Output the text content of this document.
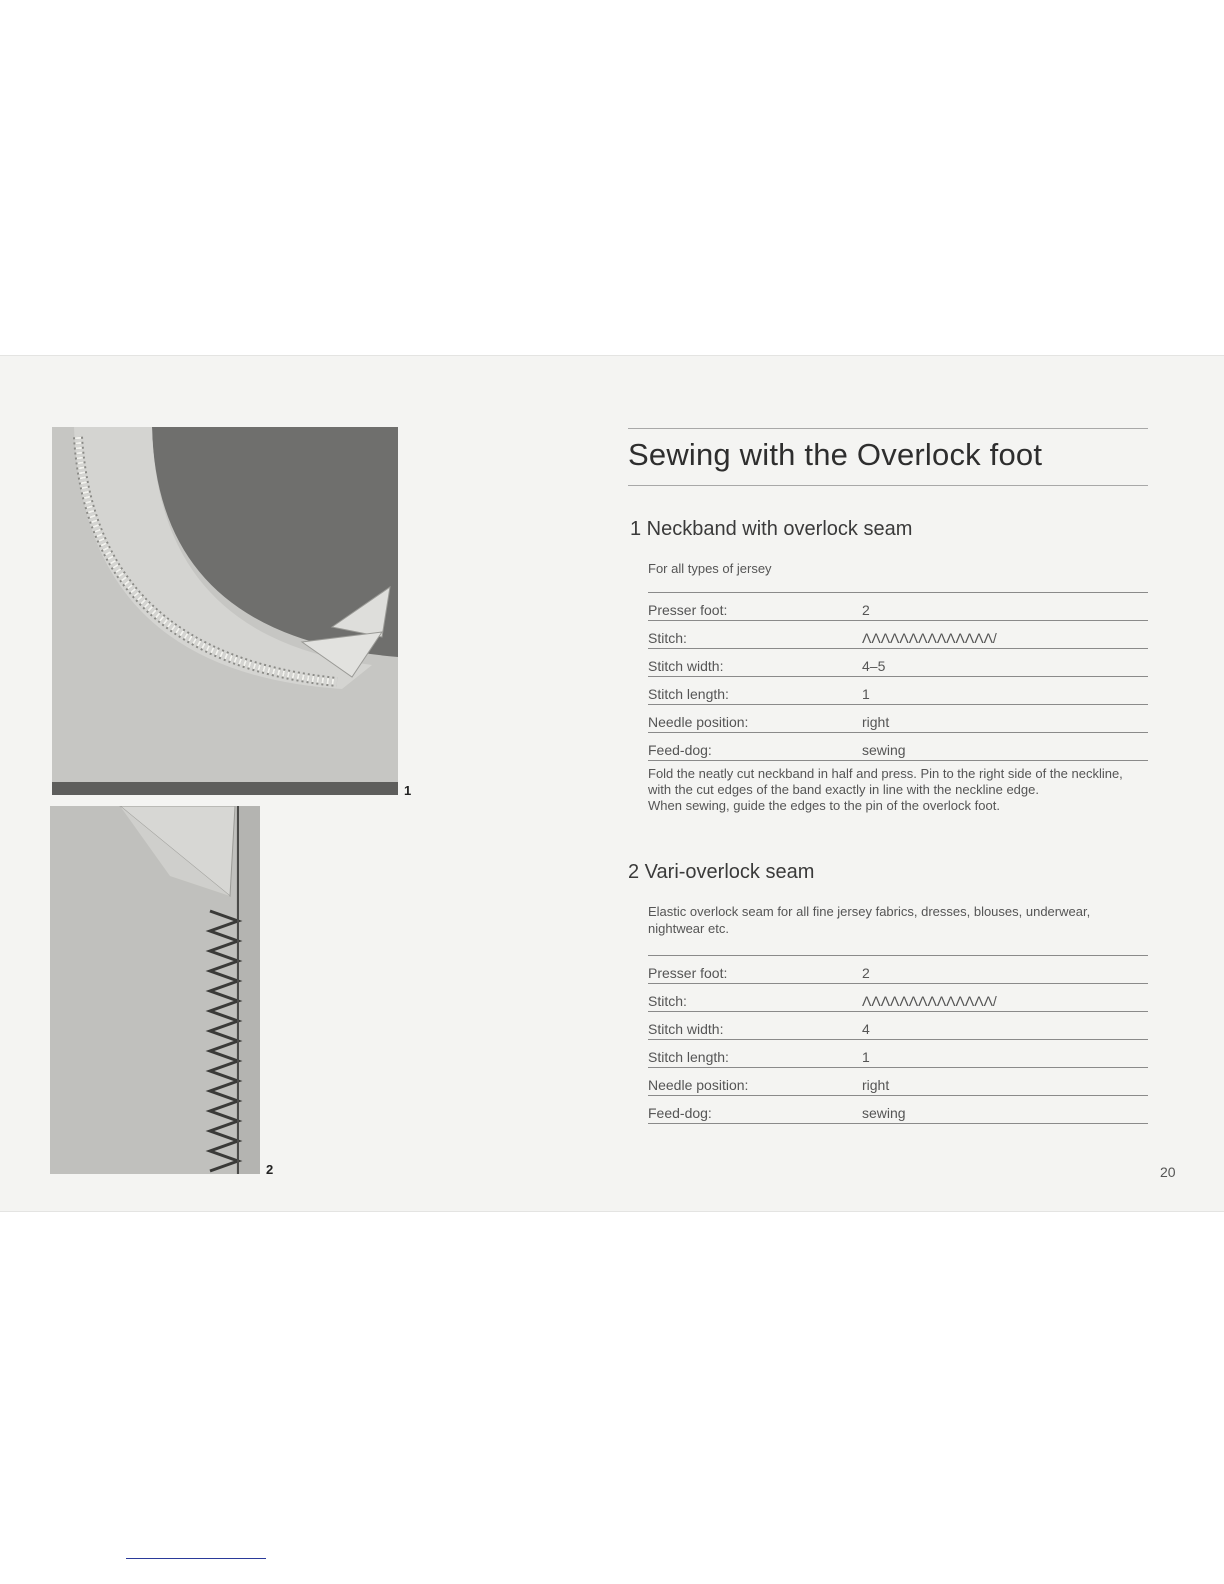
1
2
Sewing with the Overlock foot
1 Neckband with overlock seam
For all types of jersey
Presser foot:	2
Stitch:	ΛΛΛΛΛΛΛΛΛΛΛΛΛΛ/
Stitch width:	4–5
Stitch length:	1
Needle position:	right
Feed-dog:	sewing

Fold the neatly cut neckband in half and press. Pin to the right side of the neckline, with the cut edges of the band exactly in line with the neckline edge.

When sewing, guide the edges to the pin of the overlock foot.

2 Vari-overlock seam
Elastic overlock seam for all fine jersey fabrics, dresses, blouses, underwear, nightwear etc.
Presser foot:	2
Stitch:	ΛΛΛΛΛΛΛΛΛΛΛΛΛΛ/
Stitch width:	4
Stitch length:	1
Needle position:	right
Feed-dog:	sewing
20
